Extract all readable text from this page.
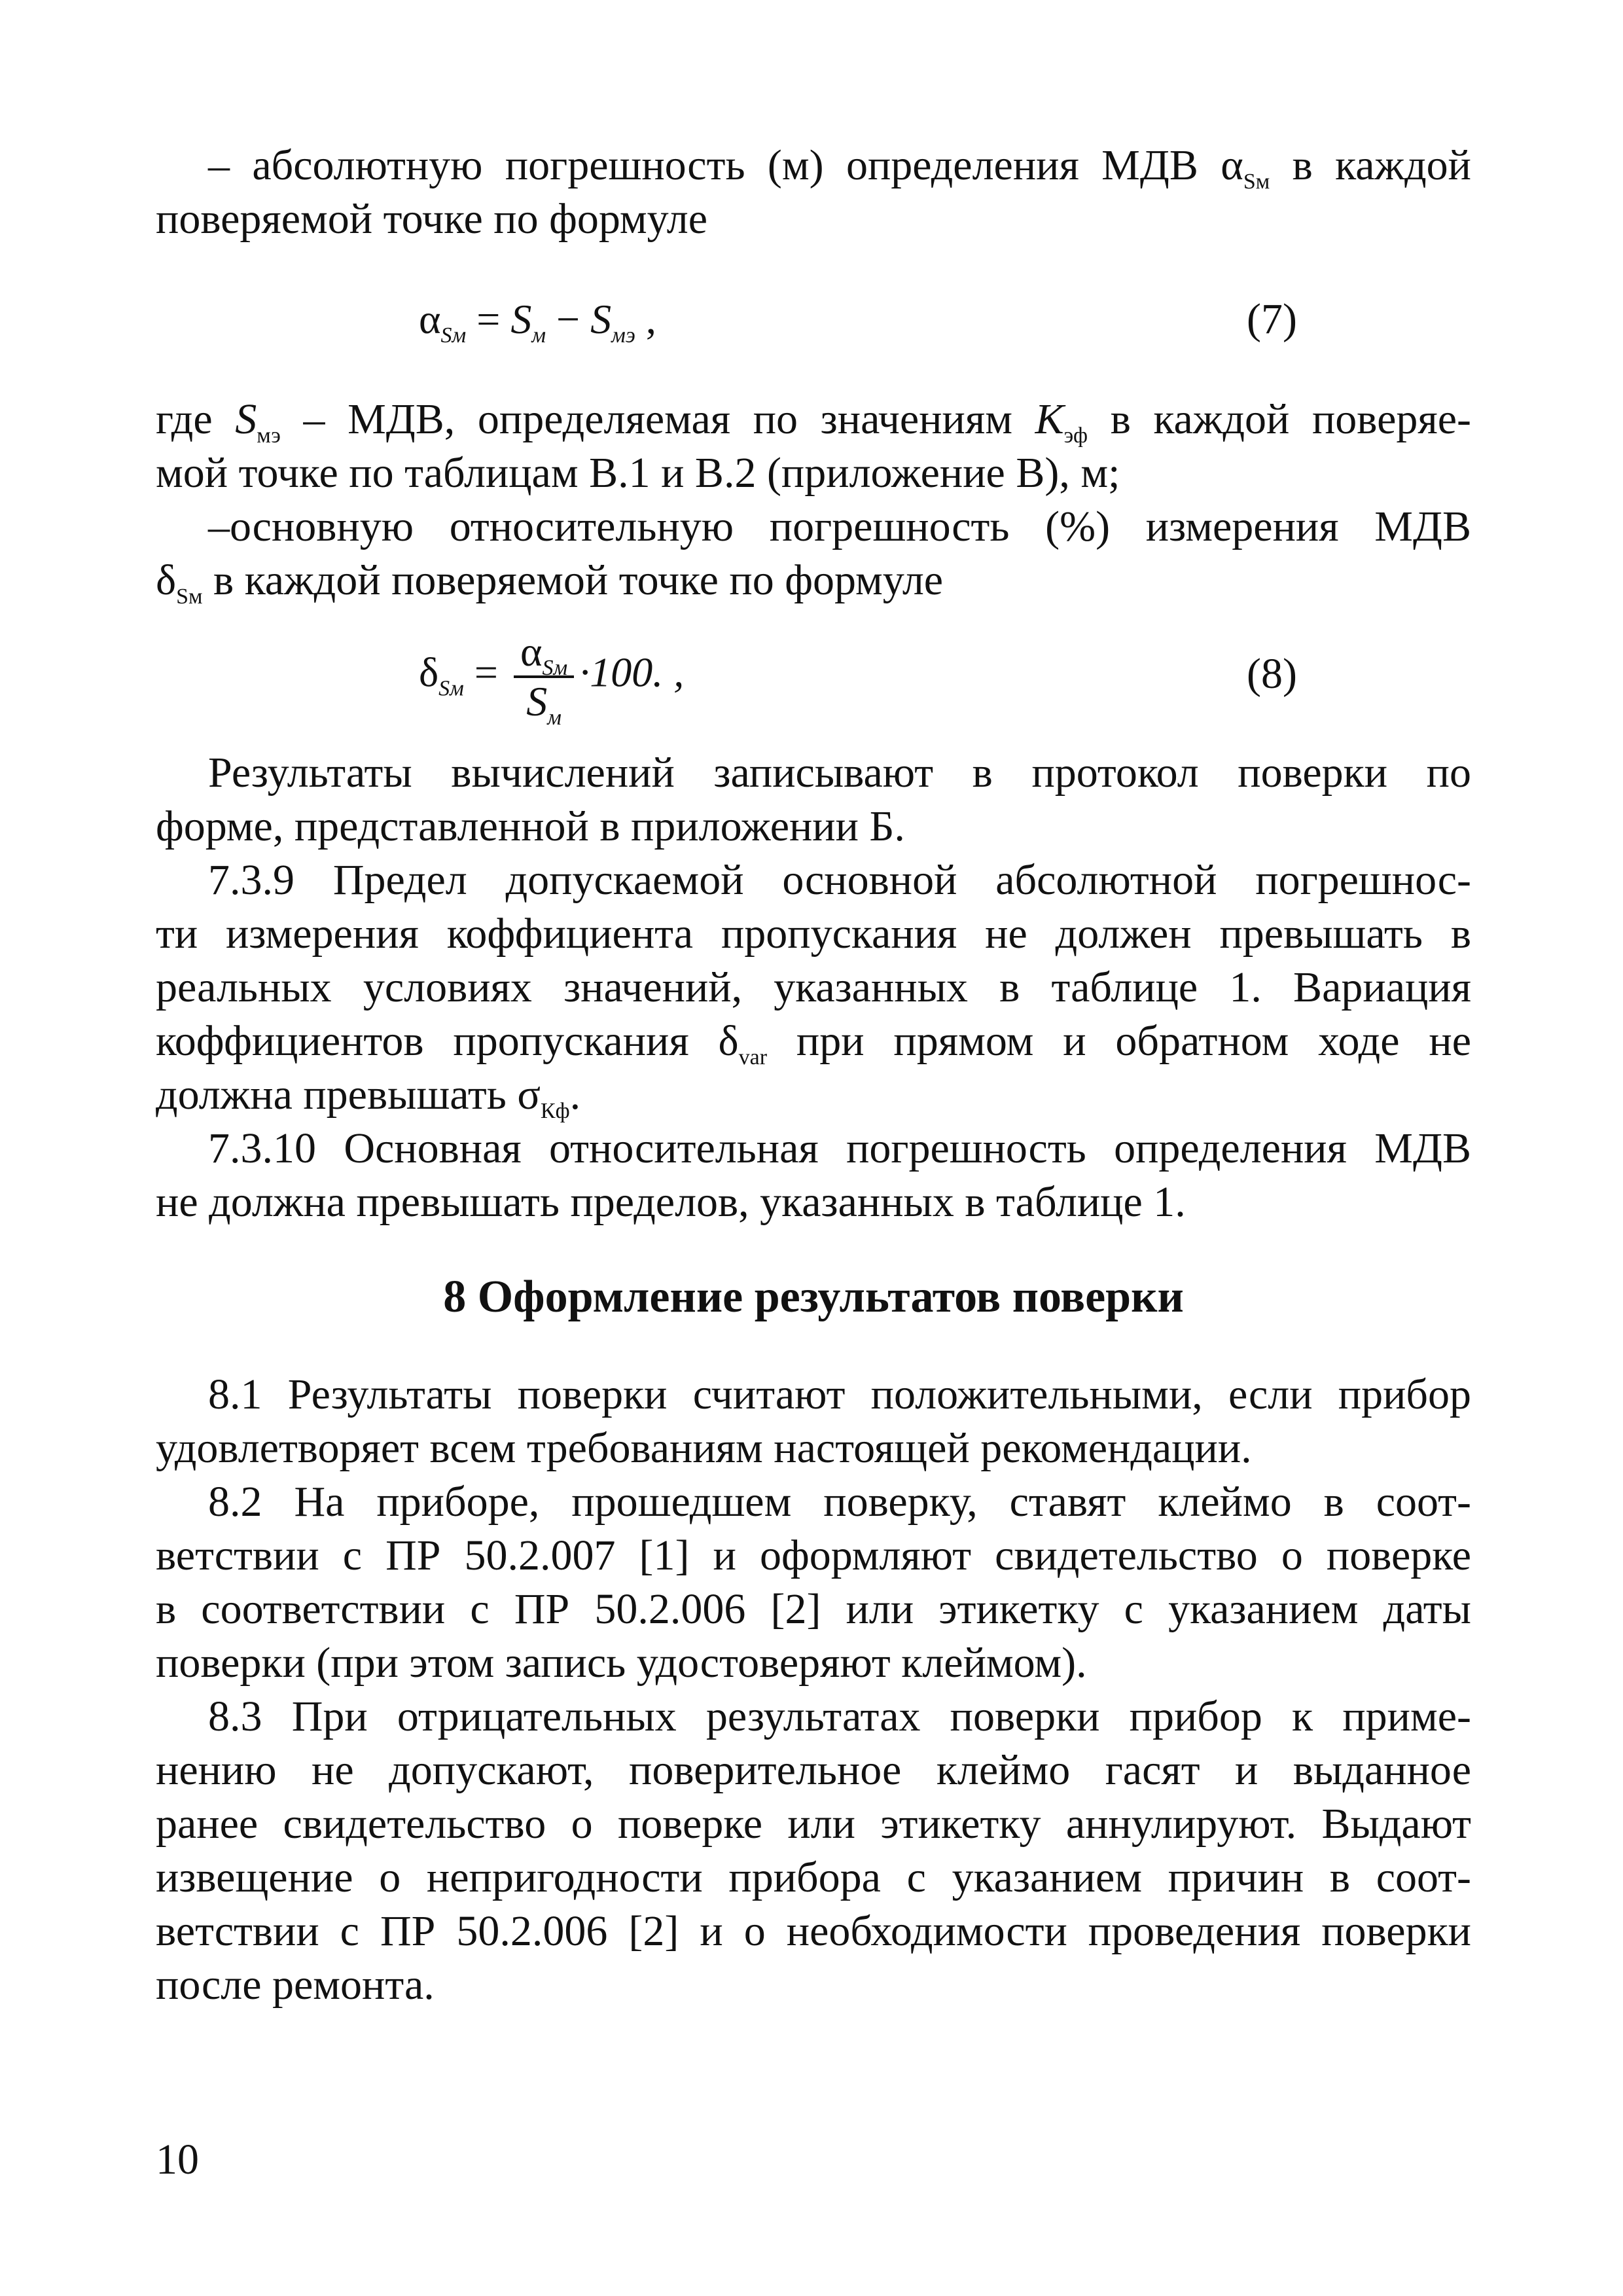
– абсолютную погрешность (м) определения МДВ $\alpha_{Sм}$ в каждой

поверяемой точке по формуле

$\alpha_{Sм} = S_м - S_{мэ}$ ,	(7)

где $S_{мэ}$ – МДВ, определяемая по значениям $K_{эф}$ в каждой поверяе-

мой точке по таблицам В.1 и В.2 (приложение В), м;

–основную относительную погрешность (%) измерения МДВ

$\delta_{Sм}$ в каждой поверяемой точке по формуле

$\delta_{Sм} = \frac{\alpha_{Sм}}{S_м} \cdot 100$. ,	(8)

Результаты вычислений записывают в протокол поверки по

форме, представленной в приложении Б.

7.3.9 Предел допускаемой основной абсолютной погрешнос-

ти измерения коффициента пропускания не должен превышать в

реальных условиях значений, указанных в таблице 1. Вариация

коффициентов пропускания $\delta_{var}$ при прямом и обратном ходе не

должна превышать $\sigma_{Кф}$.

7.3.10 Основная относительная погрешность определения МДВ

не должна превышать пределов, указанных в таблице 1.

8 Оформление результатов поверки

8.1 Результаты поверки считают положительными, если прибор

удовлетворяет всем требованиям настоящей рекомендации.

8.2 На приборе, прошедшем поверку, ставят клеймо в соот-

ветствии с ПР 50.2.007 [1] и оформляют свидетельство о поверке

в соответствии с ПР 50.2.006 [2] или этикетку с указанием даты

поверки (при этом запись удостоверяют клеймом).

8.3 При отрицательных результатах поверки прибор к приме-

нению не допускают, поверительное клеймо гасят и выданное

ранее свидетельство о поверке или этикетку аннулируют. Выдают

извещение о непригодности прибора с указанием причин в соот-

ветствии с ПР 50.2.006 [2] и о необходимости проведения поверки

после ремонта.

10
